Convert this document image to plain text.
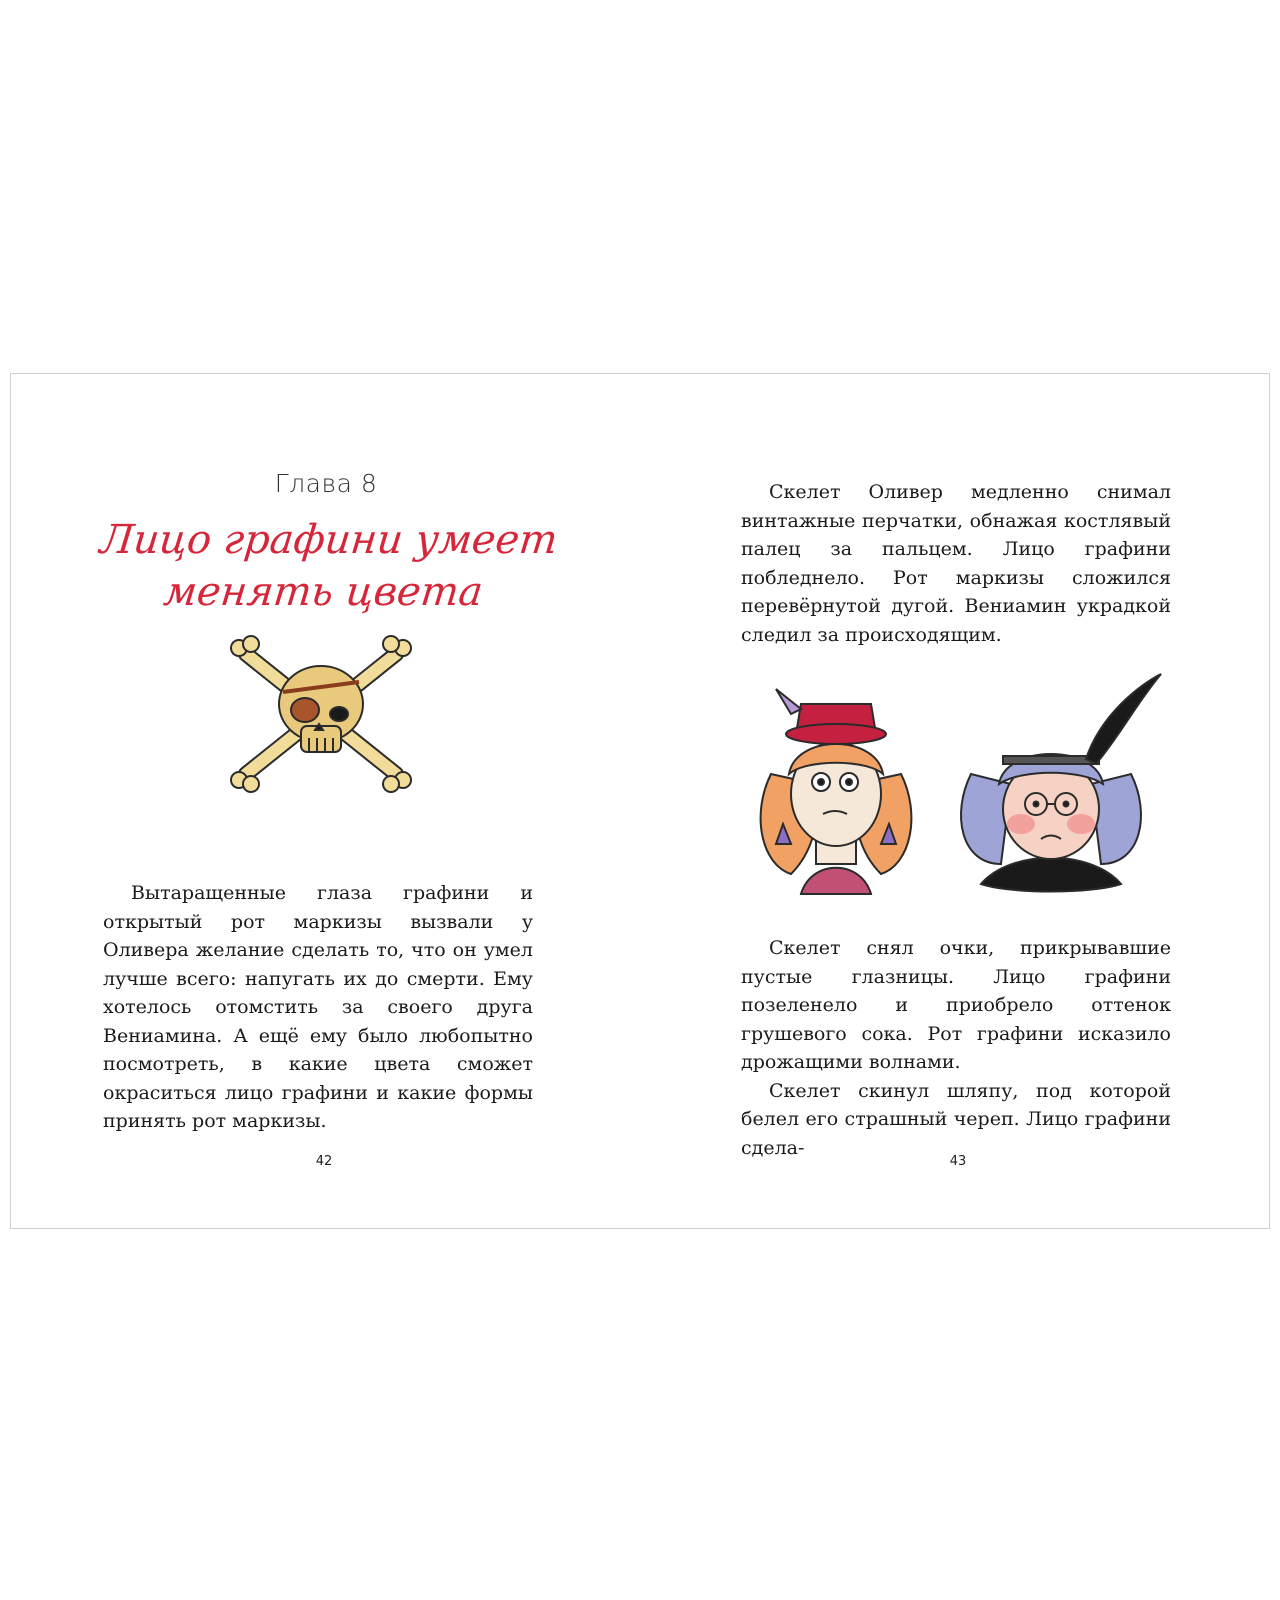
Глава 8
Лицо графини умеет
менять цвета

Вытаращенные глаза графини и открытый рот маркизы вызвали у Оливера желание сделать то, что он умел лучше всего: напугать их до смерти. Ему хотелось отомстить за своего друга Вениамина. А ещё ему было любопытно посмотреть, в какие цвета сможет окраситься лицо графини и какие формы принять рот маркизы.

42

Скелет Оливер медленно снимал винтажные перчатки, обнажая костлявый палец за пальцем. Лицо графини побледнело. Рот маркизы сложился перевёрнутой дугой. Вениамин украдкой следил за происходящим.

Скелет снял очки, прикрывавшие пустые глазницы. Лицо графини позеленело и приобрело оттенок грушевого сока. Рот графини исказило дрожащими волнами.

Скелет скинул шляпу, под которой белел его страшный череп. Лицо графини сдела-

43
